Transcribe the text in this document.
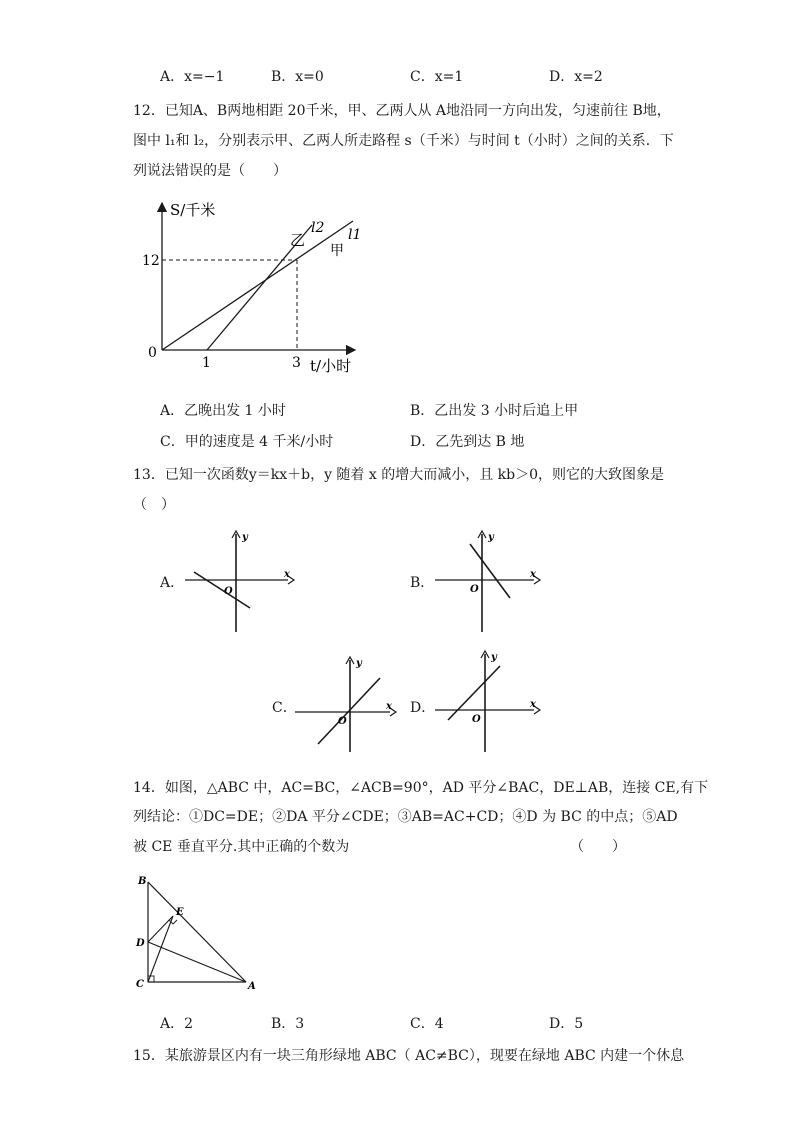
A．x=−1	B．x=0	C．x=1	D．x=2
12．已知A、B两地相距 20千米，甲、乙两人从 A地沿同一方向出发，匀速前往 B地，
图中 l₁和 l₂，分别表示甲、乙两人所走路程 s（千米）与时间 t（小时）之间的关系．下
列说法错误的是（　　）
S/千米
t/小时
0
12
1	3
乙
甲
l2 l1
A．乙晚出发 1 小时	B．乙出发 3 小时后追上甲
C．甲的速度是 4 千米/小时	D．乙先到达 B 地
13．已知一次函数y＝kx＋b，y 随着 x 的增大而减小，且 kb＞0，则它的大致图象是
（　）
A．	B．
C．	D．
y
x
O
y
x
O
y
x
O
y
x
O
14．如图，△ABC 中，AC=BC，∠ACB=90°，AD 平分∠BAC，DE⊥AB，连接 CE,有下
列结论：①DC=DE；②DA 平分∠CDE；③AB=AC+CD；④D 为 BC 的中点；⑤AD
被 CE 垂直平分.其中正确的个数为	（　　）
B
E
D
C	A
A．2	B．3	C．4	D．5
15．某旅游景区内有一块三角形绿地 ABC（ AC≠BC），现要在绿地 ABC 内建一个休息
